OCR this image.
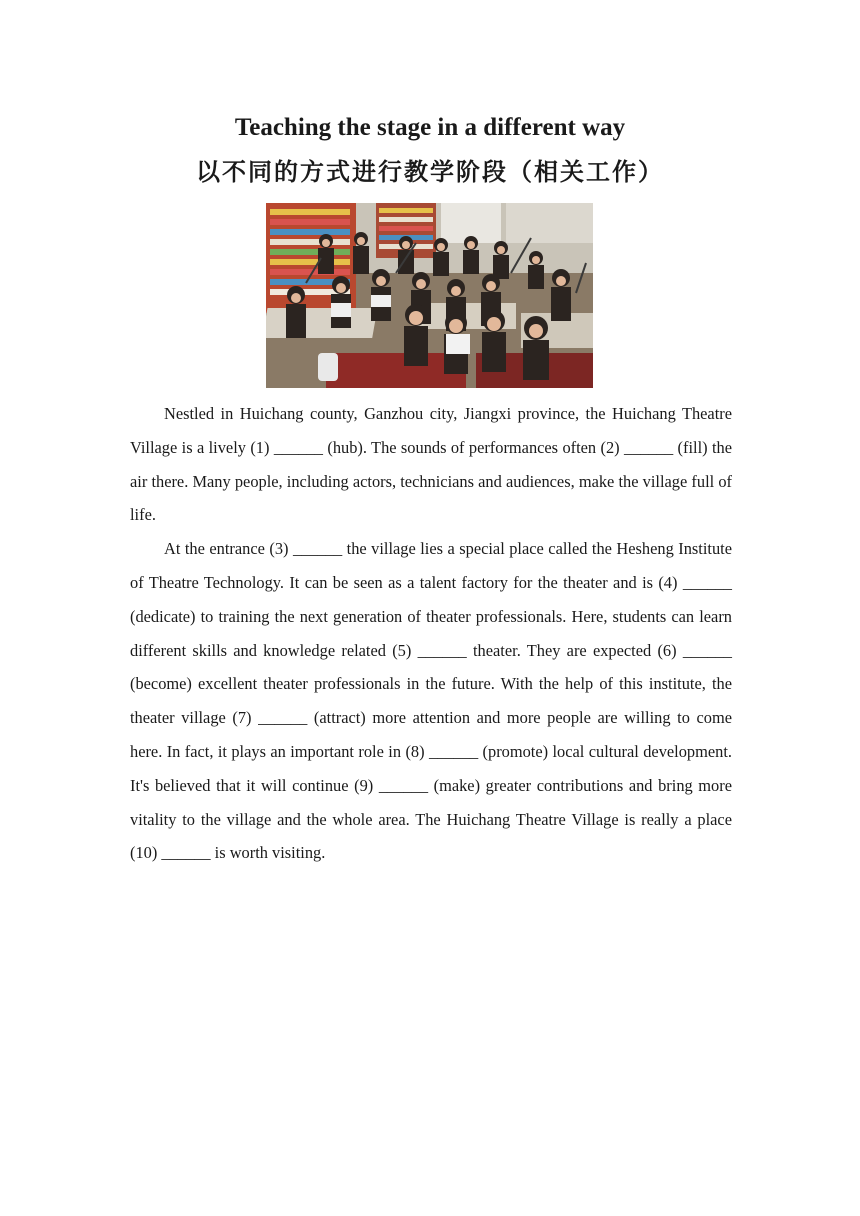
Teaching the stage in a different way
以不同的方式进行教学阶段（相关工作）

Nestled in Huichang county, Ganzhou city, Jiangxi province, the Huichang Theatre Village is a lively (1) ______ (hub). The sounds of performances often (2) ______ (fill) the air there. Many people, including actors, technicians and audiences, make the village full of life.

At the entrance (3) ______ the village lies a special place called the Hesheng Institute of Theatre Technology. It can be seen as a talent factory for the theater and is (4) ______ (dedicate) to training the next generation of theater professionals. Here, students can learn different skills and knowledge related (5) ______ theater. They are expected (6) ______ (become) excellent theater professionals in the future. With the help of this institute, the theater village (7) ______ (attract) more attention and more people are willing to come here. In fact, it plays an important role in (8) ______ (promote) local cultural development. It's believed that it will continue (9) ______ (make) greater contributions and bring more vitality to the village and the whole area. The Huichang Theatre Village is really a place (10) ______ is worth visiting.
